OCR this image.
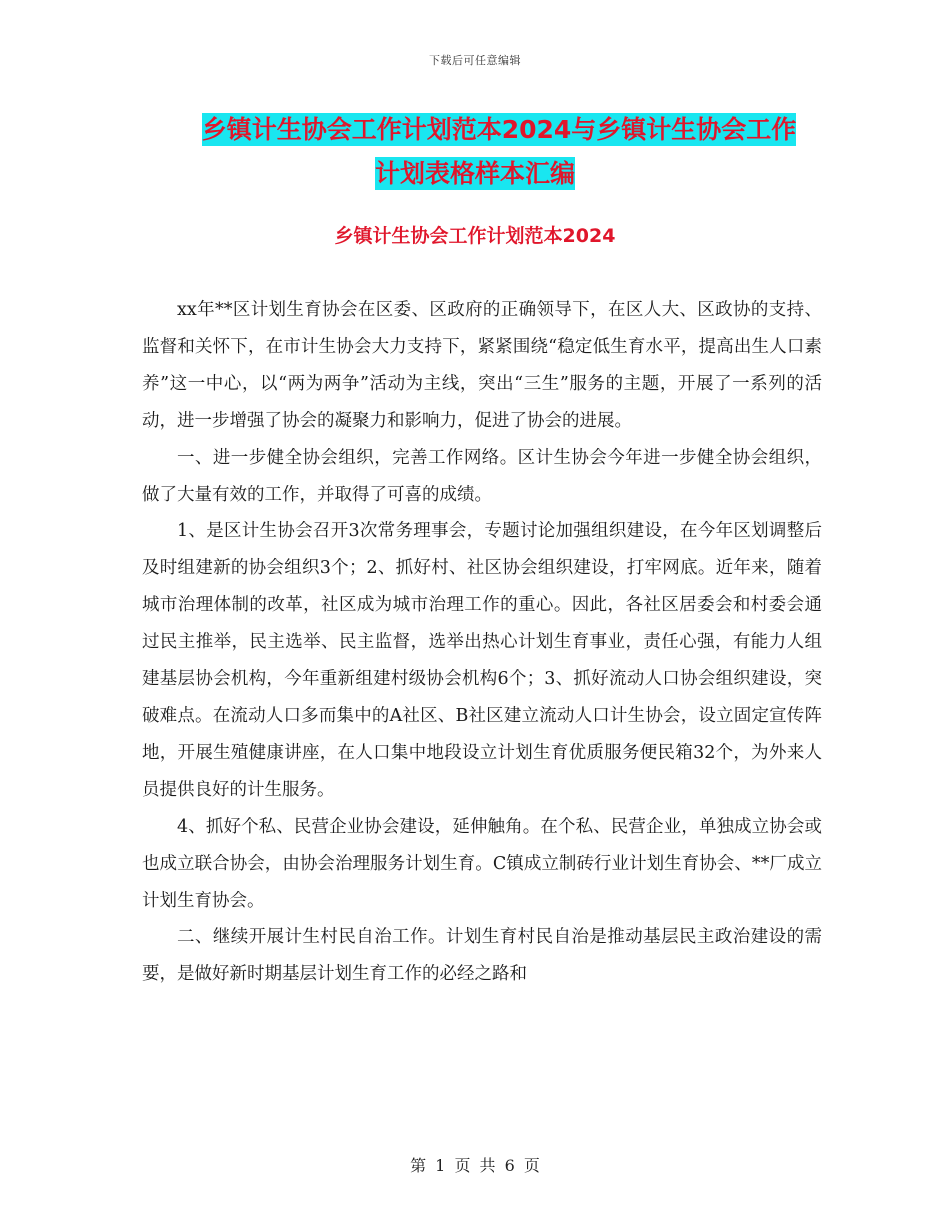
下载后可任意编辑
乡镇计生协会工作计划范本2024与乡镇计生协会工作
计划表格样本汇编
乡镇计生协会工作计划范本2024

xx年**区计划生育协会在区委、区政府的正确领导下，在区人大、区政协的支持、监督和关怀下，在市计生协会大力支持下，紧紧围绕“稳定低生育水平，提高出生人口素养”这一中心，以“两为两争”活动为主线，突出“三生”服务的主题，开展了一系列的活动，进一步增强了协会的凝聚力和影响力，促进了协会的进展。

一、进一步健全协会组织，完善工作网络。区计生协会今年进一步健全协会组织，做了大量有效的工作，并取得了可喜的成绩。

1、是区计生协会召开3次常务理事会，专题讨论加强组织建设，在今年区划调整后及时组建新的协会组织3个；2、抓好村、社区协会组织建设，打牢网底。近年来，随着城市治理体制的改革，社区成为城市治理工作的重心。因此，各社区居委会和村委会通过民主推举，民主选举、民主监督，选举出热心计划生育事业，责任心强，有能力人组建基层协会机构，今年重新组建村级协会机构6个；3、抓好流动人口协会组织建设，突破难点。在流动人口多而集中的A社区、B社区建立流动人口计生协会，设立固定宣传阵地，开展生殖健康讲座，在人口集中地段设立计划生育优质服务便民箱32个，为外来人员提供良好的计生服务。

4、抓好个私、民营企业协会建设，延伸触角。在个私、民营企业，单独成立协会或也成立联合协会，由协会治理服务计划生育。C镇成立制砖行业计划生育协会、**厂成立计划生育协会。

二、继续开展计生村民自治工作。计划生育村民自治是推动基层民主政治建设的需要，是做好新时期基层计划生育工作的必经之路和

第 1 页 共 6 页
